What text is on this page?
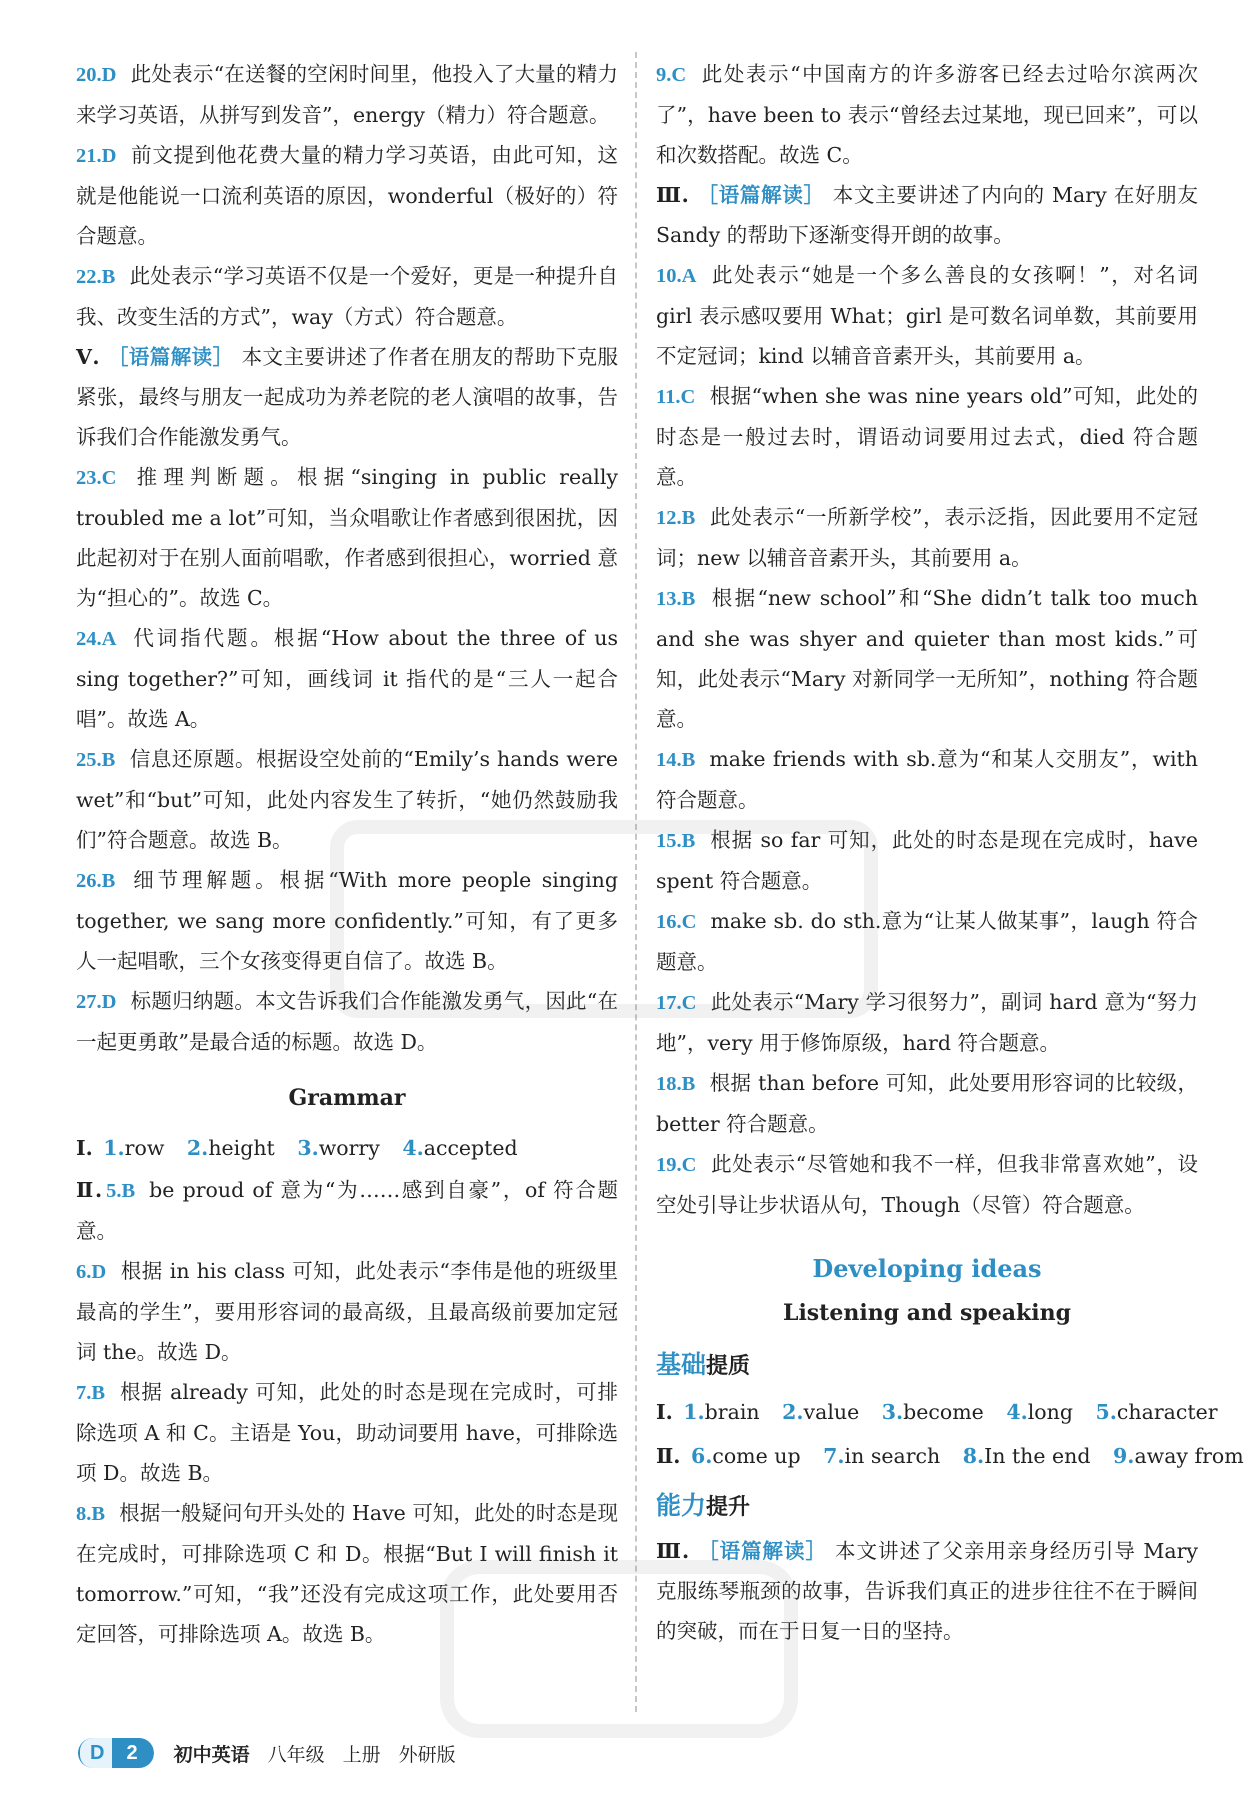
20.D 此处表示“在送餐的空闲时间里，他投入了大量的精力来学习英语，从拼写到发音”，energy（精力）符合题意。

21.D 前文提到他花费大量的精力学习英语，由此可知，这就是他能说一口流利英语的原因，wonderful（极好的）符合题意。

22.B 此处表示“学习英语不仅是一个爱好，更是一种提升自我、改变生活的方式”，way（方式）符合题意。

Ⅴ. ［语篇解读］ 本文主要讲述了作者在朋友的帮助下克服紧张，最终与朋友一起成功为养老院的老人演唱的故事，告诉我们合作能激发勇气。

23.C 推理判断题。根据“singing in public really troubled me a lot”可知，当众唱歌让作者感到很困扰，因此起初对于在别人面前唱歌，作者感到很担心，worried 意为“担心的”。故选 C。

24.A 代词指代题。根据“How about the three of us sing together?”可知，画线词 it 指代的是“三人一起合唱”。故选 A。

25.B 信息还原题。根据设空处前的“Emily’s hands were wet”和“but”可知，此处内容发生了转折，“她仍然鼓励我们”符合题意。故选 B。

26.B 细节理解题。根据“With more people singing together, we sang more confidently.”可知，有了更多人一起唱歌，三个女孩变得更自信了。故选 B。

27.D 标题归纳题。本文告诉我们合作能激发勇气，因此“在一起更勇敢”是最合适的标题。故选 D。

Grammar

Ⅰ. 1.row 2.height 3.worry 4.accepted

Ⅱ. 5.B be proud of 意为“为……感到自豪”，of 符合题意。

6.D 根据 in his class 可知，此处表示“李伟是他的班级里最高的学生”，要用形容词的最高级，且最高级前要加定冠词 the。故选 D。

7.B 根据 already 可知，此处的时态是现在完成时，可排除选项 A 和 C。主语是 You，助动词要用 have，可排除选项 D。故选 B。

8.B 根据一般疑问句开头处的 Have 可知，此处的时态是现在完成时，可排除选项 C 和 D。根据“But I will finish it tomorrow.”可知，“我”还没有完成这项工作，此处要用否定回答，可排除选项 A。故选 B。

9.C 此处表示“中国南方的许多游客已经去过哈尔滨两次了”，have been to 表示“曾经去过某地，现已回来”，可以和次数搭配。故选 C。

Ⅲ. ［语篇解读］ 本文主要讲述了内向的 Mary 在好朋友 Sandy 的帮助下逐渐变得开朗的故事。

10.A 此处表示“她是一个多么善良的女孩啊！”，对名词 girl 表示感叹要用 What；girl 是可数名词单数，其前要用不定冠词；kind 以辅音音素开头，其前要用 a。

11.C 根据“when she was nine years old”可知，此处的时态是一般过去时，谓语动词要用过去式，died 符合题意。

12.B 此处表示“一所新学校”，表示泛指，因此要用不定冠词；new 以辅音音素开头，其前要用 a。

13.B 根据“new school”和“She didn’t talk too much and she was shyer and quieter than most kids.”可知，此处表示“Mary 对新同学一无所知”，nothing 符合题意。

14.B make friends with sb.意为“和某人交朋友”，with 符合题意。

15.B 根据 so far 可知，此处的时态是现在完成时，have spent 符合题意。

16.C make sb. do sth.意为“让某人做某事”，laugh 符合题意。

17.C 此处表示“Mary 学习很努力”，副词 hard 意为“努力地”，very 用于修饰原级，hard 符合题意。

18.B 根据 than before 可知，此处要用形容词的比较级，better 符合题意。

19.C 此处表示“尽管她和我不一样，但我非常喜欢她”，设空处引导让步状语从句，Though（尽管）符合题意。

Developing ideas
Listening and speaking
基础提质

Ⅰ. 1.brain 2.value 3.become 4.long 5.character

Ⅱ. 6.come up 7.in search 8.In the end 9.away from

能力提升

Ⅲ. ［语篇解读］ 本文讲述了父亲用亲身经历引导 Mary 克服练琴瓶颈的故事，告诉我们真正的进步往往不在于瞬间的突破，而在于日复一日的坚持。

D	2	初中英语 八年级 上册 外研版
